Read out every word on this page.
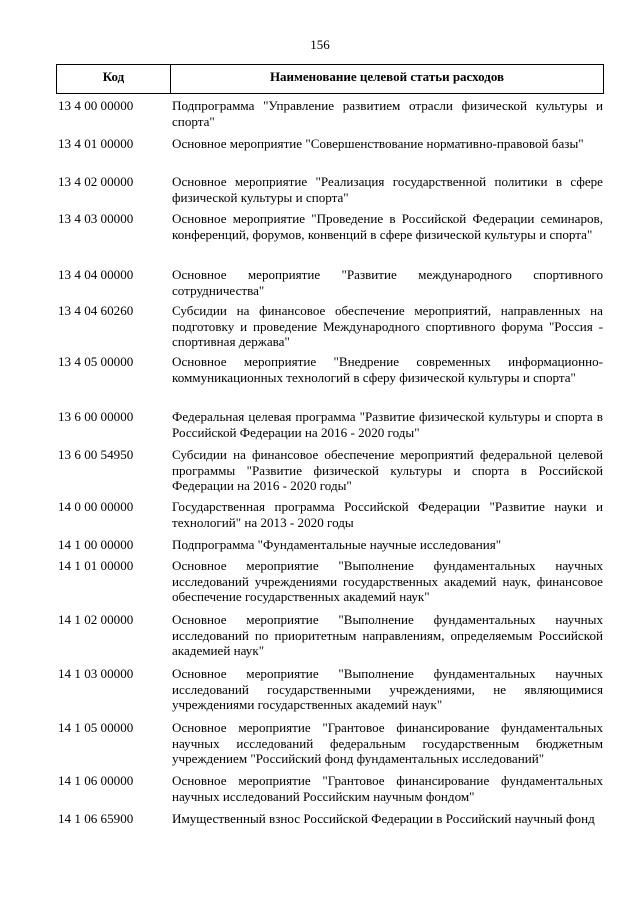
156
Код	Наименование целевой статьи расходов
13 4 00 00000	Подпрограмма "Управление развитием отрасли физической культуры и спорта"
13 4 01 00000	Основное мероприятие "Совершенствование нормативно-правовой базы"
13 4 02 00000	Основное мероприятие "Реализация государственной политики в сфере физической культуры и спорта"
13 4 03 00000	Основное мероприятие "Проведение в Российской Федерации семинаров, конференций, форумов, конвенций в сфере физической культуры и спорта"
13 4 04 00000	Основное мероприятие "Развитие международного спортивного сотрудничества"
13 4 04 60260	Субсидии на финансовое обеспечение мероприятий, направленных на подготовку и проведение Международного спортивного форума "Россия - спортивная держава"
13 4 05 00000	Основное мероприятие "Внедрение современных информационно-коммуникационных технологий в сферу физической культуры и спорта"
13 6 00 00000	Федеральная целевая программа "Развитие физической культуры и спорта в Российской Федерации на 2016 - 2020 годы"
13 6 00 54950	Субсидии на финансовое обеспечение мероприятий федеральной целевой программы "Развитие физической культуры и спорта в Российской Федерации на 2016 - 2020 годы"
14 0 00 00000	Государственная программа Российской Федерации "Развитие науки и технологий" на 2013 - 2020 годы
14 1 00 00000	Подпрограмма "Фундаментальные научные исследования"
14 1 01 00000	Основное мероприятие "Выполнение фундаментальных научных исследований учреждениями государственных академий наук, финансовое обеспечение государственных академий наук"
14 1 02 00000	Основное мероприятие "Выполнение фундаментальных научных исследований по приоритетным направлениям, определяемым Российской академией наук"
14 1 03 00000	Основное мероприятие "Выполнение фундаментальных научных исследований государственными учреждениями, не являющимися учреждениями государственных академий наук"
14 1 05 00000	Основное мероприятие "Грантовое финансирование фундаментальных научных исследований федеральным государственным бюджетным учреждением "Российский фонд фундаментальных исследований"
14 1 06 00000	Основное мероприятие "Грантовое финансирование фундаментальных научных исследований Российским научным фондом"
14 1 06 65900	Имущественный взнос Российской Федерации в Российский научный фонд
